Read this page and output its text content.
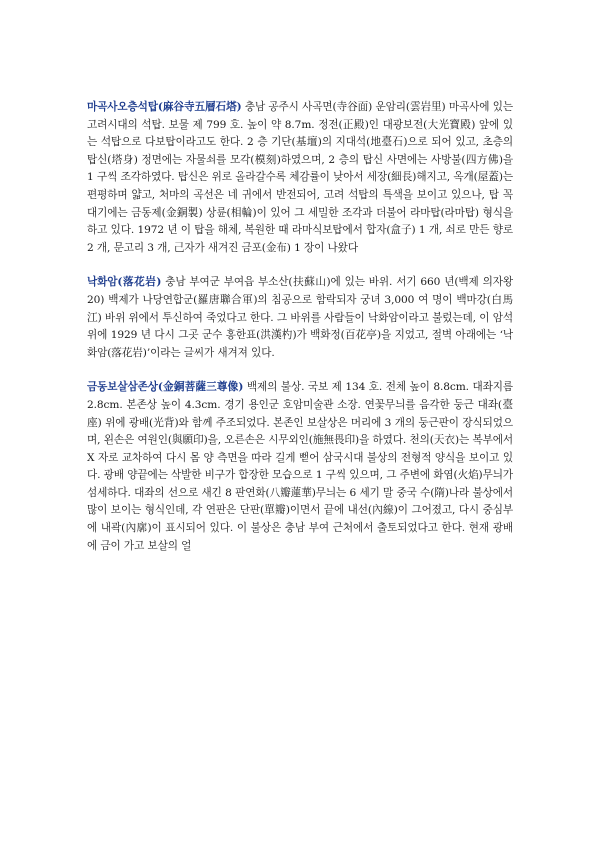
마곡사오층석탑(麻谷寺五層石塔) 충남 공주시 사곡면(寺谷面) 운암리(雲岩里) 마곡사에 있는 고려시대의 석탑. 보물 제 799 호. 높이 약 8.7m. 정전(正殿)인 대광보전(大光寶殿) 앞에 있는 석탑으로 다보탑이라고도 한다. 2 층 기단(基壇)의 지대석(地臺石)으로 되어 있고, 초층의 탑신(塔身) 정면에는 자물쇠를 모각(模刻)하였으며, 2 층의 탑신 사면에는 사방불(四方佛)을 1 구씩 조각하였다. 탑신은 위로 올라갈수록 체감률이 낮아서 세장(細長)해지고, 옥개(屋蓋)는 편평하며 얇고, 처마의 곡선은 네 귀에서 반전되어, 고려 석탑의 특색을 보이고 있으나, 탑 꼭대기에는 금동제(金銅製) 상륜(相輪)이 있어 그 세밀한 조각과 더불어 라마탑(라마탑) 형식을 하고 있다. 1972 년 이 탑을 해체, 복원한 때 라마식보탑에서 합자(盒子) 1 개, 쇠로 만든 향로 2 개, 문고리 3 개, 己자가 새겨진 금포(金布) 1 장이 나왔다

낙화암(落花岩) 충남 부여군 부여읍 부소산(扶蘇山)에 있는 바위. 서기 660 년(백제 의자왕 20) 백제가 나당연합군(羅唐聯合軍)의 침공으로 함락되자 궁녀 3,000 여 명이 백마강(白馬江) 바위 위에서 투신하여 죽었다고 한다. 그 바위를 사람들이 낙화암이라고 불렀는데, 이 암석 위에 1929 년 다시 그곳 군수 홍한표(洪漢杓)가 백화정(百花亭)을 지었고, 절벽 아래에는 ‘낙화암(落花岩)’이라는 글씨가 새겨져 있다.

금동보살삼존상(金銅菩薩三尊像) 백제의 불상. 국보 제 134 호. 전체 높이 8.8cm. 대좌지름 2.8cm. 본존상 높이 4.3cm. 경기 용인군 호암미술관 소장. 연꽃무늬를 음각한 둥근 대좌(臺座) 위에 광배(光背)와 함께 주조되었다. 본존인 보살상은 머리에 3 개의 둥근판이 장식되었으며, 왼손은 여원인(與願印)을, 오른손은 시무외인(施無畏印)을 하였다. 천의(天衣)는 복부에서 X 자로 교차하여 다시 몸 양 측면을 따라 길게 뻗어 삼국시대 불상의 전형적 양식을 보이고 있다. 광배 양끝에는 삭발한 비구가 합장한 모습으로 1 구씩 있으며, 그 주변에 화염(火焰)무늬가 섬세하다. 대좌의 선으로 새긴 8 판연화(八瓣蓮華)무늬는 6 세기 말 중국 수(隋)나라 불상에서 많이 보이는 형식인데, 각 연판은 단판(單瓣)이면서 끝에 내선(內線)이 그어졌고, 다시 중심부에 내곽(內廓)이 표시되어 있다. 이 불상은 충남 부여 근처에서 출토되었다고 한다. 현재 광배에 금이 가고 보살의 얼
